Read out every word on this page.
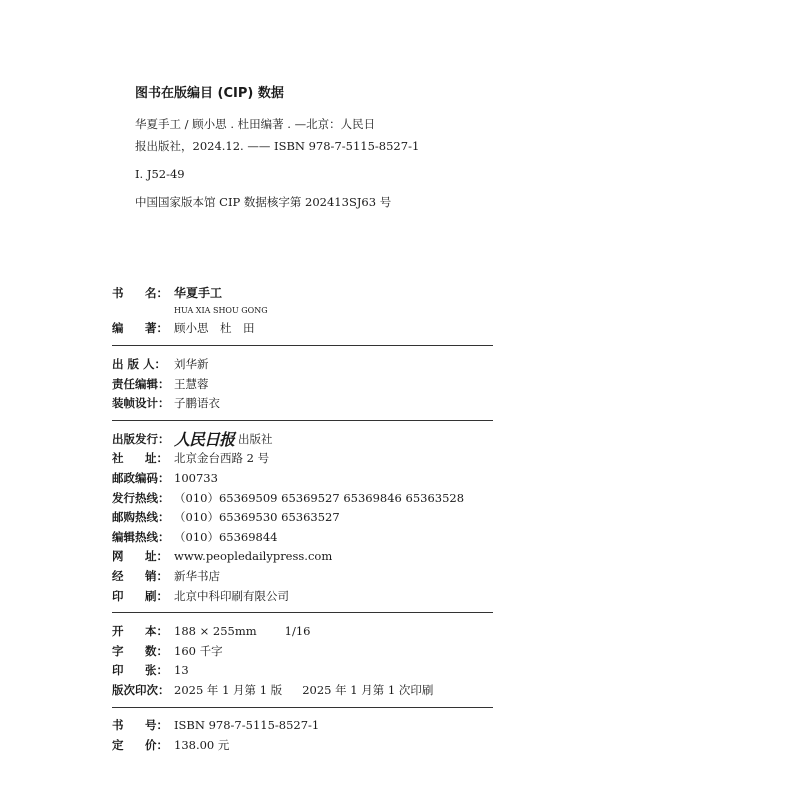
图书在版编目 (CIP) 数据

华夏手工 / 顾小思 . 杜田编著 . —北京：人民日

报出版社，2024.12. —— ISBN 978-7-5115-8527-1

Ⅰ. J52-49

中国国家版本馆 CIP 数据核字第 202413SJ63 号

书 名： 华夏手工
HUA XIA SHOU GONG
编 著： 顾小思　杜　田
出 版 人： 刘华新
责任编辑： 王慧蓉
装帧设计： 子鹏语衣
出版发行： 人民日报 出版社
社 址： 北京金台西路 2 号
邮政编码： 100733
发行热线： （010）65369509 65369527 65369846 65363528
邮购热线： （010）65369530 65363527
编辑热线： （010）65369844
网 址： www.peopledailypress.com
经 销： 新华书店
印 刷： 北京中科印刷有限公司
开 本： 188 × 255mm 1/16
字 数： 160 千字
印 张： 13
版次印次： 2025 年 1 月第 1 版 2025 年 1 月第 1 次印刷
书 号： ISBN 978-7-5115-8527-1
定 价： 138.00 元
